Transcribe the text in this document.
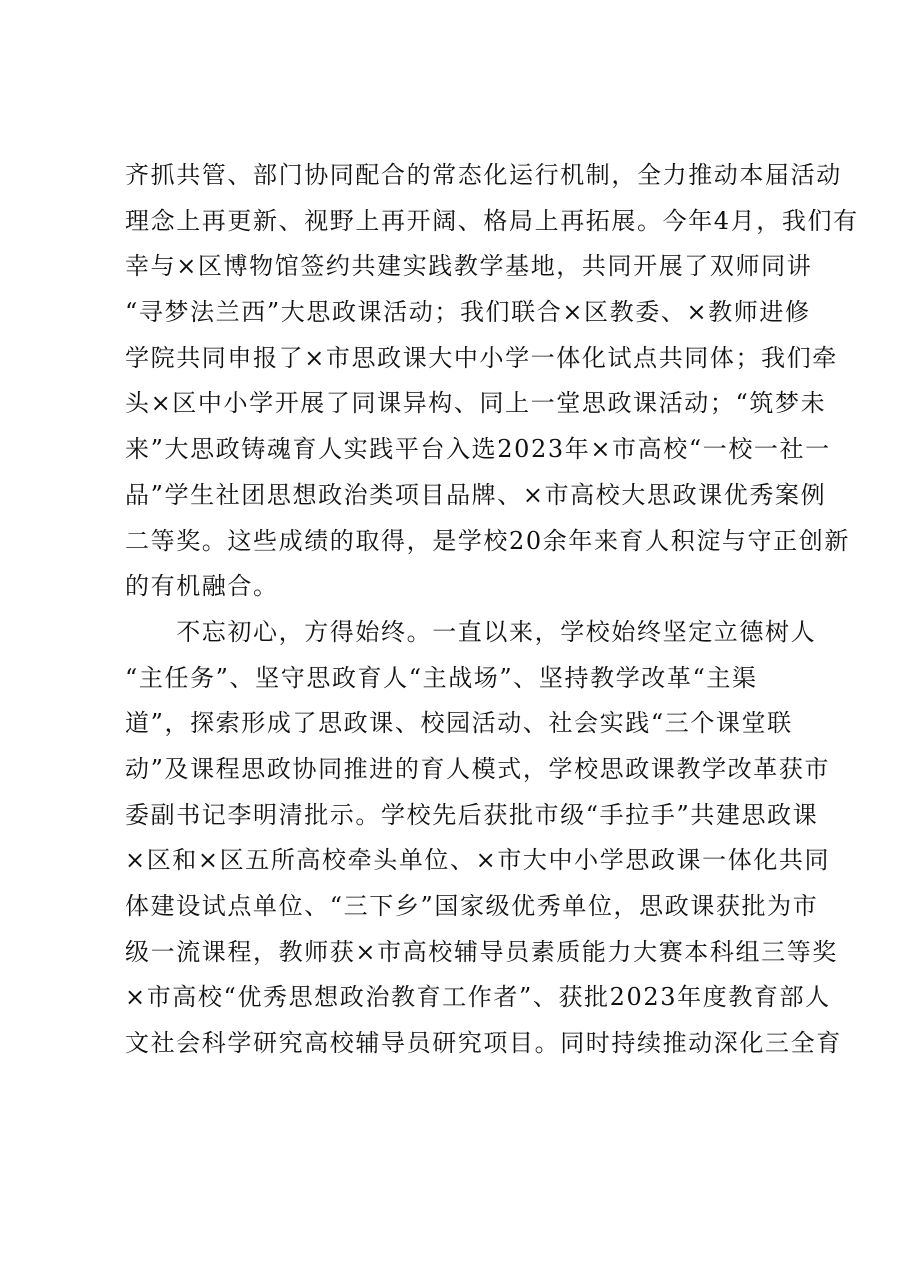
齐抓共管、部门协同配合的常态化运行机制，全力推动本届活动
理念上再更新、视野上再开阔、格局上再拓展。今年4月，我们有
幸与×区博物馆签约共建实践教学基地，共同开展了双师同讲
“寻梦法兰西”大思政课活动；我们联合×区教委、×教师进修
学院共同申报了×市思政课大中小学一体化试点共同体；我们牵
头×区中小学开展了同课异构、同上一堂思政课活动；“筑梦未
来”大思政铸魂育人实践平台入选2023年×市高校“一校一社一
品”学生社团思想政治类项目品牌、×市高校大思政课优秀案例
二等奖。这些成绩的取得，是学校20余年来育人积淀与守正创新
的有机融合。
　　不忘初心，方得始终。一直以来，学校始终坚定立德树人
“主任务”、坚守思政育人“主战场”、坚持教学改革“主渠
道”，探索形成了思政课、校园活动、社会实践“三个课堂联
动”及课程思政协同推进的育人模式，学校思政课教学改革获市
委副书记李明清批示。学校先后获批市级“手拉手”共建思政课
×区和×区五所高校牵头单位、×市大中小学思政课一体化共同
体建设试点单位、“三下乡”国家级优秀单位，思政课获批为市
级一流课程，教师获×市高校辅导员素质能力大赛本科组三等奖
×市高校“优秀思想政治教育工作者”、获批2023年度教育部人
文社会科学研究高校辅导员研究项目。同时持续推动深化三全育
